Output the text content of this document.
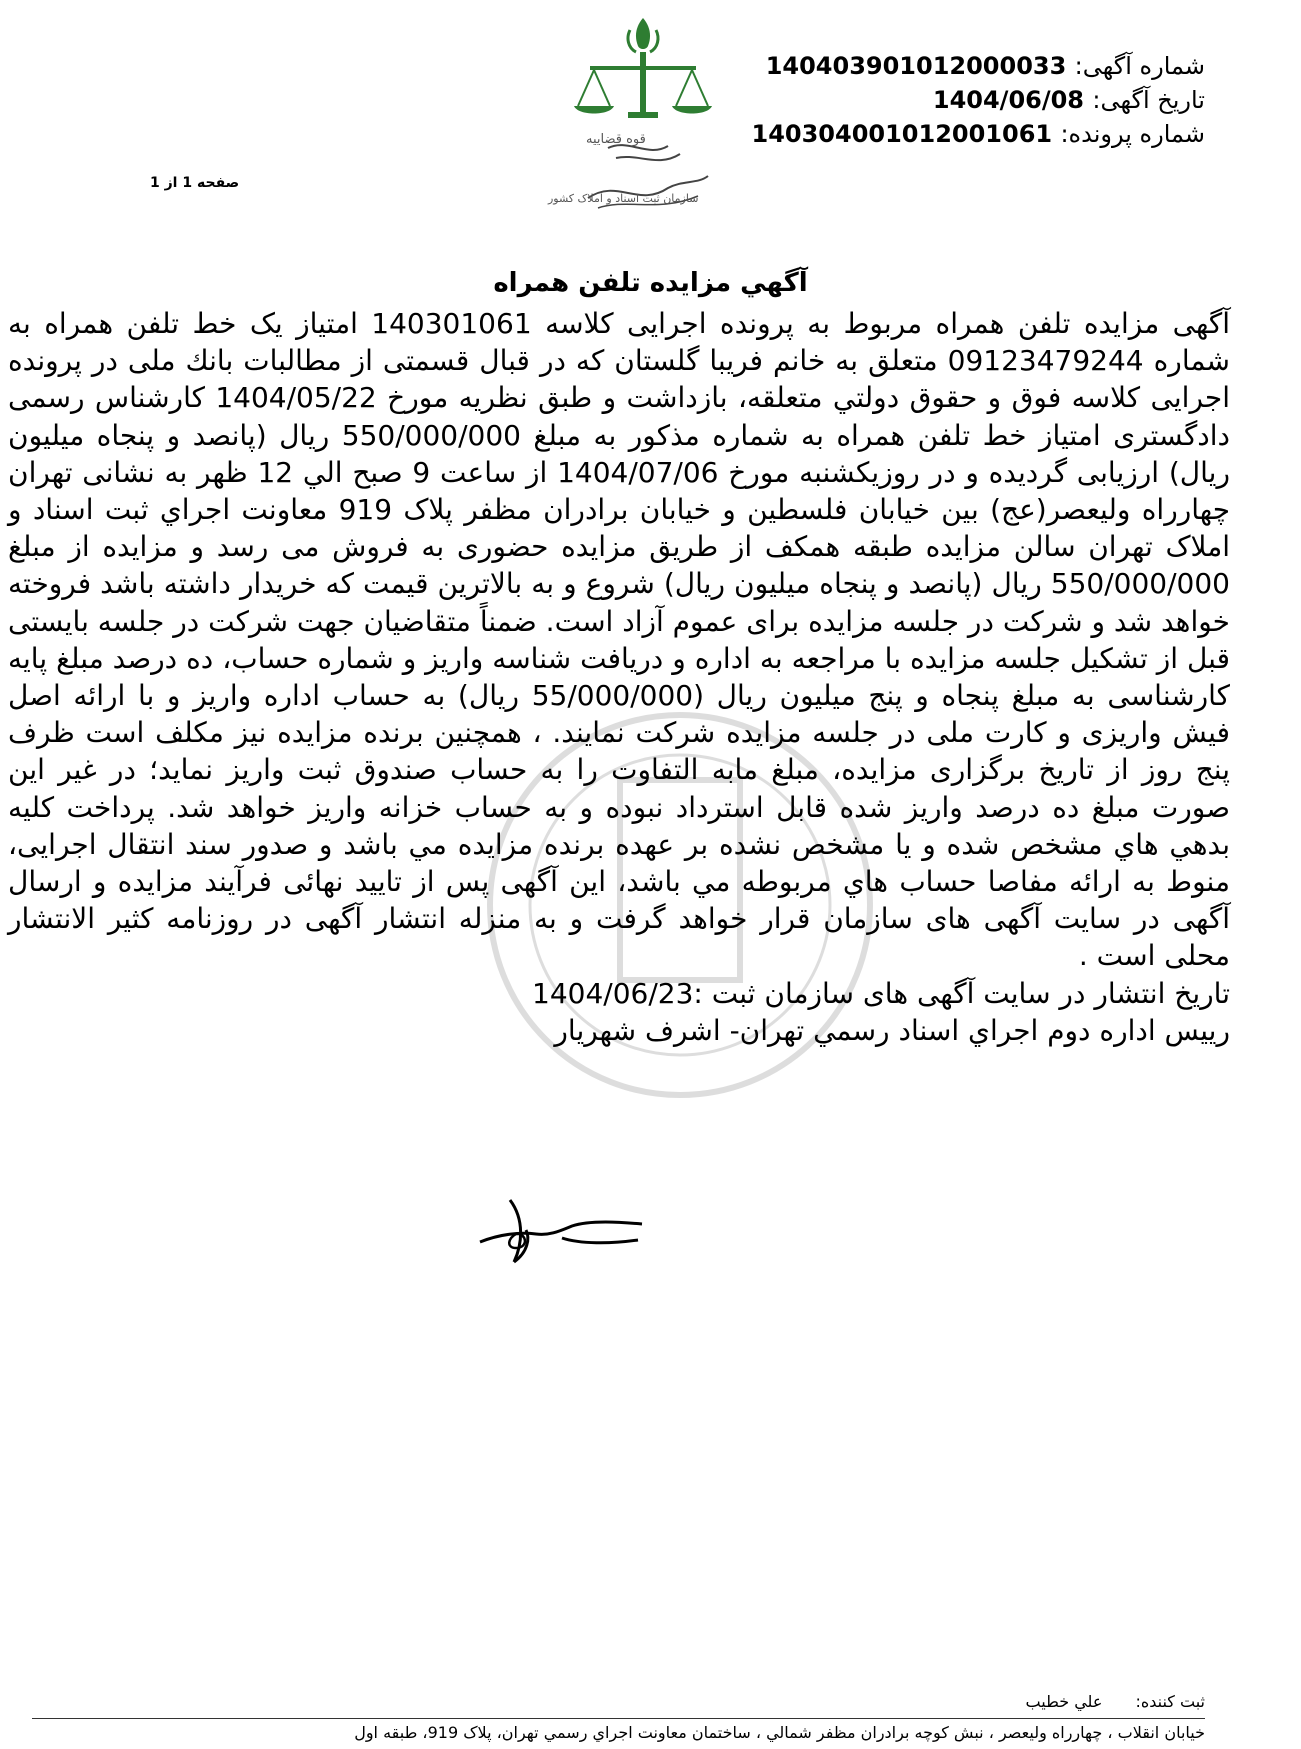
قوه قضاییه
سازمان ثبت اسناد و املاک کشور
شماره آگهی: 140403901012000033
تاریخ آگهی: 1404/06/08
شماره پرونده: 140304001012001061
صفحه 1 از 1
آگهي مزايده تلفن همراه
آگهی مزایده تلفن همراه مربوط به پرونده اجرایی کلاسه 140301061 امتیاز یک خط تلفن همراه به شماره 09123479244 متعلق به خانم فریبا گلستان که در قبال قسمتی از مطالبات بانك ملی در پرونده اجرایی کلاسه فوق و حقوق دولتي متعلقه، بازداشت و طبق نظریه مورخ 1404/05/22 کارشناس رسمی دادگستری امتیاز خط تلفن همراه به شماره مذکور به مبلغ 550/000/000 ریال (پانصد و پنجاه میلیون ریال) ارزیابی گردیده و در روزیکشنبه مورخ 1404/07/06 از ساعت 9 صبح الي 12 ظهر به نشانی تهران چهارراه ولیعصر(عج) بین خیابان فلسطین و خیابان برادران مظفر پلاک 919 معاونت اجراي ثبت اسناد و املاک تهران سالن مزایده طبقه همکف از طریق مزایده حضوری به فروش می رسد و مزایده از مبلغ 550/000/000 ریال (پانصد و پنجاه میلیون ریال) شروع و به بالاترین قیمت که خریدار داشته باشد فروخته خواهد شد و شرکت در جلسه مزایده برای عموم آزاد است. ضمناً متقاضیان جهت شرکت در جلسه بایستی قبل از تشکیل جلسه مزایده با مراجعه به اداره و دریافت شناسه واریز و شماره حساب، ده درصد مبلغ پایه کارشناسی به مبلغ پنجاه و پنج میلیون ریال (55/000/000 ریال) به حساب اداره واریز و با ارائه اصل فیش واریزی و کارت ملی در جلسه مزایده شرکت نمایند. ، همچنین برنده مزایده نیز مکلف است ظرف پنج روز از تاریخ برگزاری مزایده، مبلغ مابه التفاوت را به حساب صندوق ثبت واریز نماید؛ در غیر این صورت مبلغ ده درصد واریز شده قابل استرداد نبوده و به حساب خزانه واریز خواهد شد. پرداخت کلیه بدهي هاي مشخص شده و یا مشخص نشده بر عهده برنده مزایده مي باشد و صدور سند انتقال اجرایی، منوط به ارائه مفاصا حساب هاي مربوطه مي باشد، این آگهی پس از تایید نهائی فرآیند مزایده و ارسال آگهی در سایت آگهی های سازمان قرار خواهد گرفت و به منزله انتشار آگهی در روزنامه کثیر الانتشار محلی است .
تاریخ انتشار در سایت آگهی های سازمان ثبت :1404/06/23
رییس اداره دوم اجراي اسناد رسمي تهران- اشرف شهريار
ثبت کننده: علي خطيب
خيابان انقلاب ، چهارراه وليعصر ، نبش کوچه برادران مظفر شمالي ، ساختمان معاونت اجراي رسمي تهران، پلاک 919، طبقه اول
